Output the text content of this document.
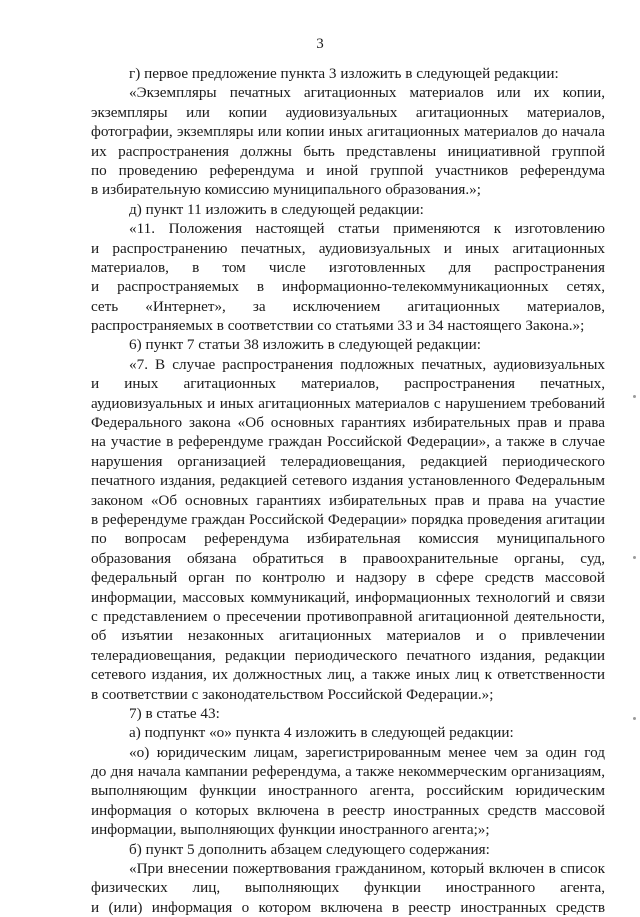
3
г) первое предложение пункта 3 изложить в следующей редакции:
«Экземпляры печатных агитационных материалов или их копии,
экземпляры или копии аудиовизуальных агитационных материалов,
фотографии, экземпляры или копии иных агитационных материалов до начала
их распространения должны быть представлены инициативной группой
по проведению референдума и иной группой участников референдума
в избирательную комиссию муниципального образования.»;
д) пункт 11 изложить в следующей редакции:
«11. Положения настоящей статьи применяются к изготовлению
и распространению печатных, аудиовизуальных и иных агитационных
материалов, в том числе изготовленных для распространения
и распространяемых в информационно-телекоммуникационных сетях,
сеть «Интернет», за исключением агитационных материалов,
распространяемых в соответствии со статьями 33 и 34 настоящего Закона.»;
6) пункт 7 статьи 38 изложить в следующей редакции:
«7. В случае распространения подложных печатных, аудиовизуальных
и иных агитационных материалов, распространения печатных,
аудиовизуальных и иных агитационных материалов с нарушением требований
Федерального закона «Об основных гарантиях избирательных прав и права
на участие в референдуме граждан Российской Федерации», а также в случае
нарушения организацией телерадиовещания, редакцией периодического
печатного издания, редакцией сетевого издания установленного Федеральным
законом «Об основных гарантиях избирательных прав и права на участие
в референдуме граждан Российской Федерации» порядка проведения агитации
по вопросам референдума избирательная комиссия муниципального
образования обязана обратиться в правоохранительные органы, суд,
федеральный орган по контролю и надзору в сфере средств массовой
информации, массовых коммуникаций, информационных технологий и связи
с представлением о пресечении противоправной агитационной деятельности,
об изъятии незаконных агитационных материалов и о привлечении
телерадиовещания, редакции периодического печатного издания, редакции
сетевого издания, их должностных лиц, а также иных лиц к ответственности
в соответствии с законодательством Российской Федерации.»;
7) в статье 43:
а) подпункт «о» пункта 4 изложить в следующей редакции:
«о) юридическим лицам, зарегистрированным менее чем за один год
до дня начала кампании референдума, а также некоммерческим организациям,
выполняющим функции иностранного агента, российским юридическим
информация о которых включена в реестр иностранных средств массовой
информации, выполняющих функции иностранного агента;»;
б) пункт 5 дополнить абзацем следующего содержания:
«При внесении пожертвования гражданином, который включен в список
физических лиц, выполняющих функции иностранного агента,
и (или) информация о котором включена в реестр иностранных средств
